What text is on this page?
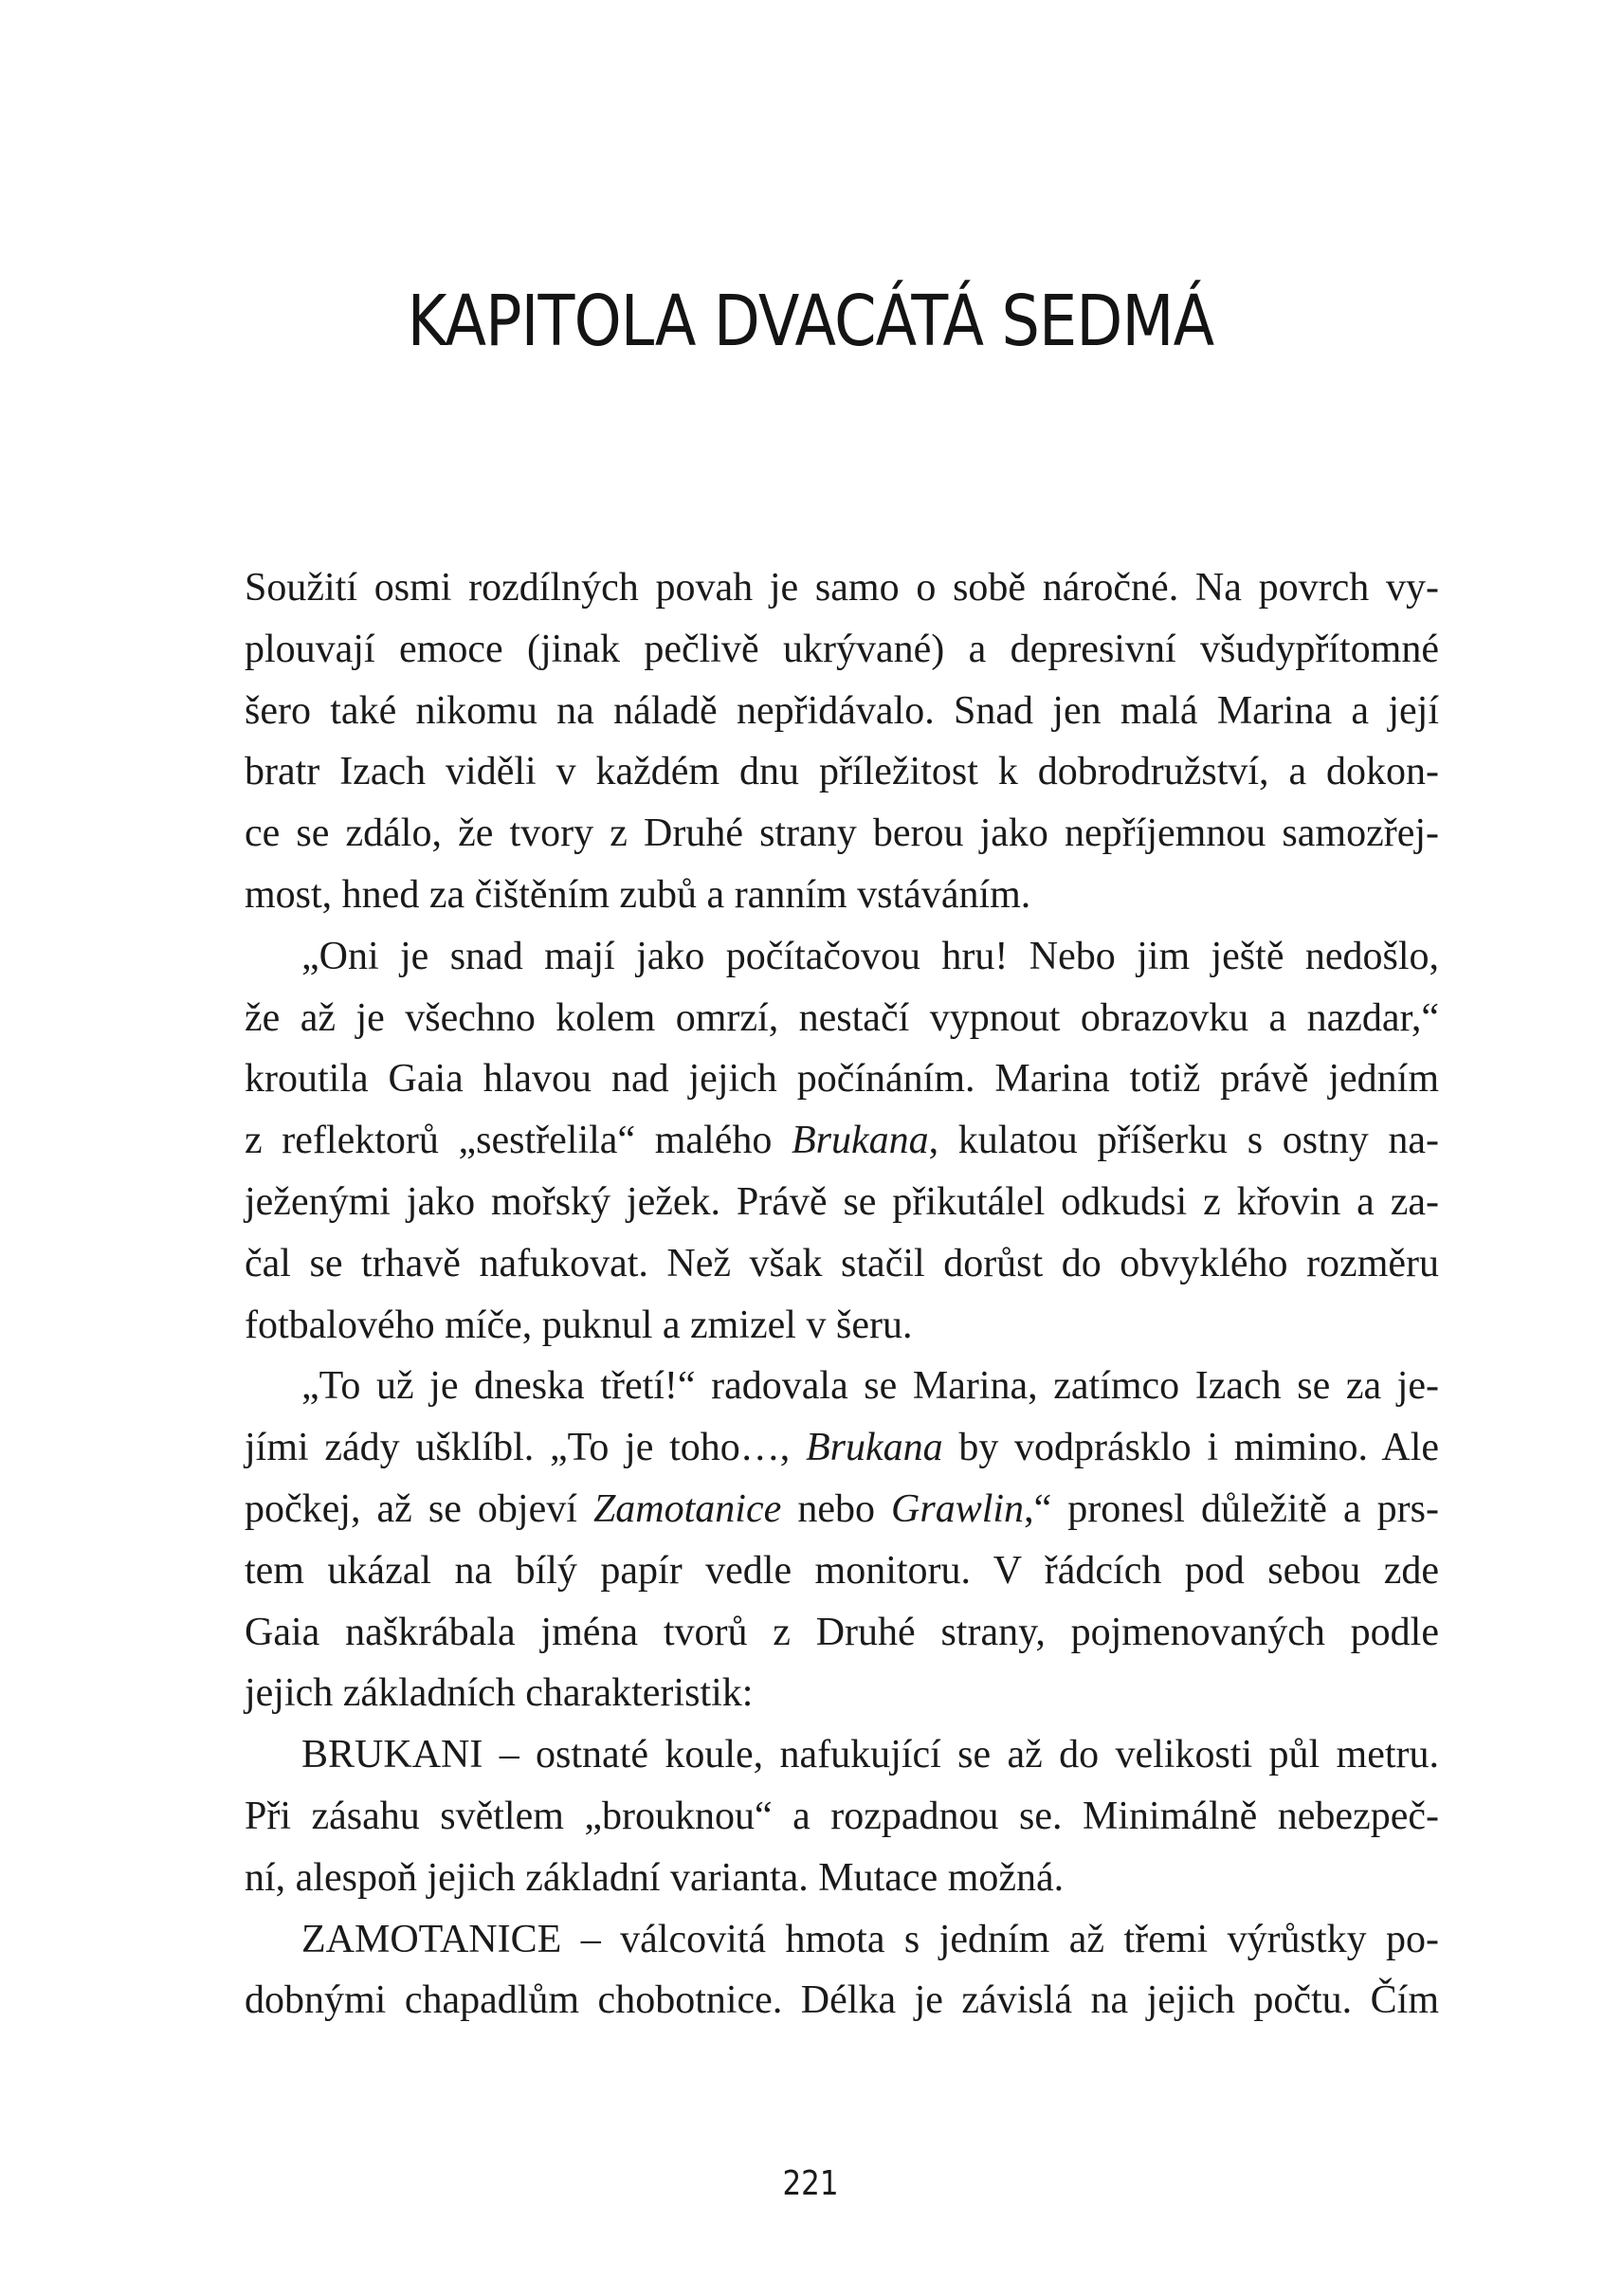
KAPITOLA DVACÁTÁ SEDMÁ
Soužití osmi rozdílných povah je samo o sobě náročné. Na povrch vy-
plouvají emoce (jinak pečlivě ukrývané) a depresivní všudypřítomné
šero také nikomu na náladě nepřidávalo. Snad jen malá Marina a její
bratr Izach viděli v každém dnu příležitost k dobrodružství, a dokon-
ce se zdálo, že tvory z Druhé strany berou jako nepříjemnou samozřej-
most, hned za čištěním zubů a ranním vstáváním.
„Oni je snad mají jako počítačovou hru! Nebo jim ještě nedošlo,
že až je všechno kolem omrzí, nestačí vypnout obrazovku a nazdar,“
kroutila Gaia hlavou nad jejich počínáním. Marina totiž právě jedním
z reflektorů „sestřelila“ malého Brukana, kulatou příšerku s ostny na-
ježenými jako mořský ježek. Právě se přikutálel odkudsi z křovin a za-
čal se trhavě nafukovat. Než však stačil dorůst do obvyklého rozměru
fotbalového míče, puknul a zmizel v šeru.
„To už je dneska třetí!“ radovala se Marina, zatímco Izach se za je-
jími zády ušklíbl. „To je toho…, Brukana by vodprásklo i mimino. Ale
počkej, až se objeví Zamotanice nebo Grawlin,“ pronesl důležitě a prs-
tem ukázal na bílý papír vedle monitoru. V řádcích pod sebou zde
Gaia naškrábala jména tvorů z Druhé strany, pojmenovaných podle
jejich základních charakteristik:
BRUKANI – ostnaté koule, nafukující se až do velikosti půl metru.
Při zásahu světlem „brouknou“ a rozpadnou se. Minimálně nebezpeč-
ní, alespoň jejich základní varianta. Mutace možná.
ZAMOTANICE – válcovitá hmota s jedním až třemi výrůstky po-
dobnými chapadlům chobotnice. Délka je závislá na jejich počtu. Čím
221
